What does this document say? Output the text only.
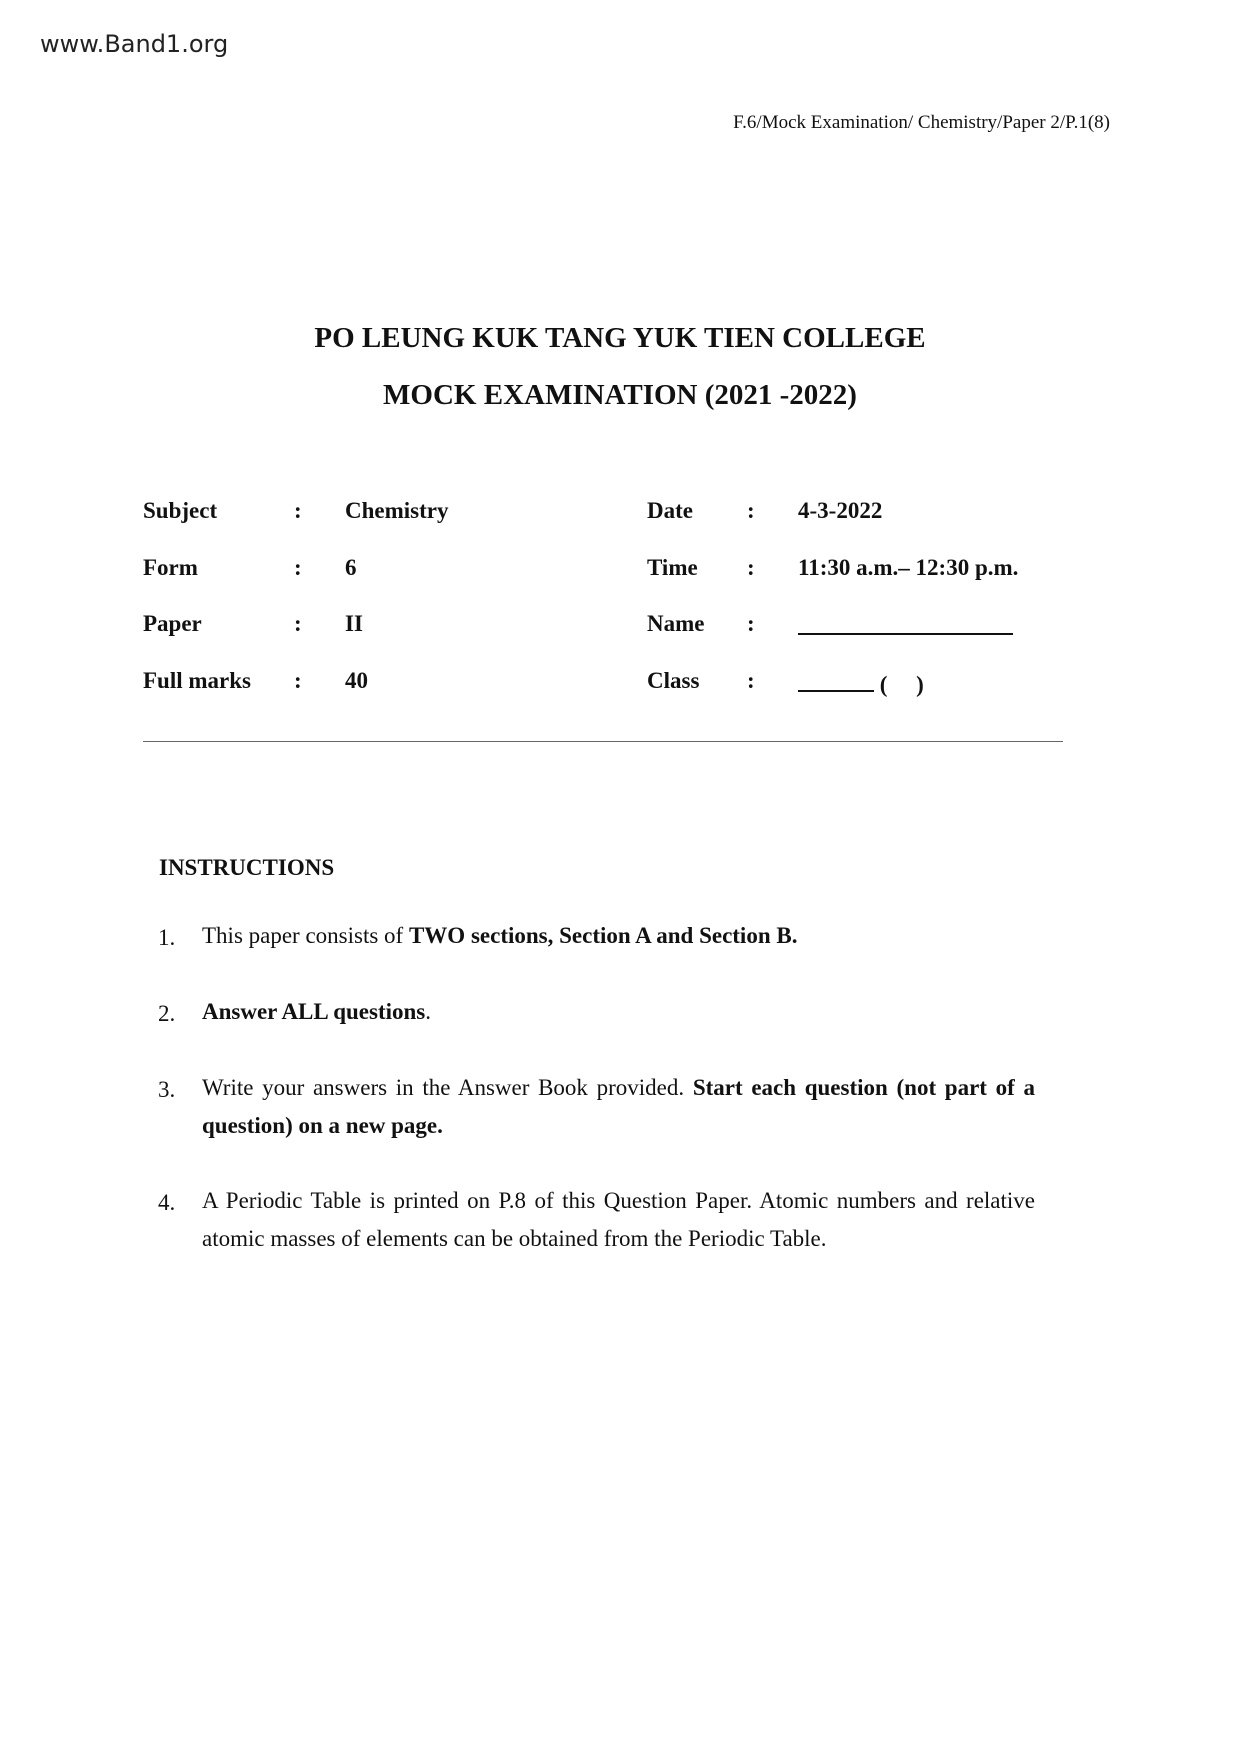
www.Band1.org
F.6/Mock Examination/ Chemistry/Paper 2/P.1(8)
PO LEUNG KUK TANG YUK TIEN COLLEGE
MOCK EXAMINATION (2021 -2022)
Subject	: Chemistry
Form	: 6
Paper	: II
Full marks : 40
Date : 4-3-2022
Time : 11:30 a.m.– 12:30 p.m.
Name :
Class :	(     )
INSTRUCTIONS
1. This paper consists of TWO sections, Section A and Section B.
2. Answer ALL questions.
3. Write your answers in the Answer Book provided. Start each question (not part of a question) on a new page.
4. A Periodic Table is printed on P.8 of this Question Paper. Atomic numbers and relative atomic masses of elements can be obtained from the Periodic Table.
